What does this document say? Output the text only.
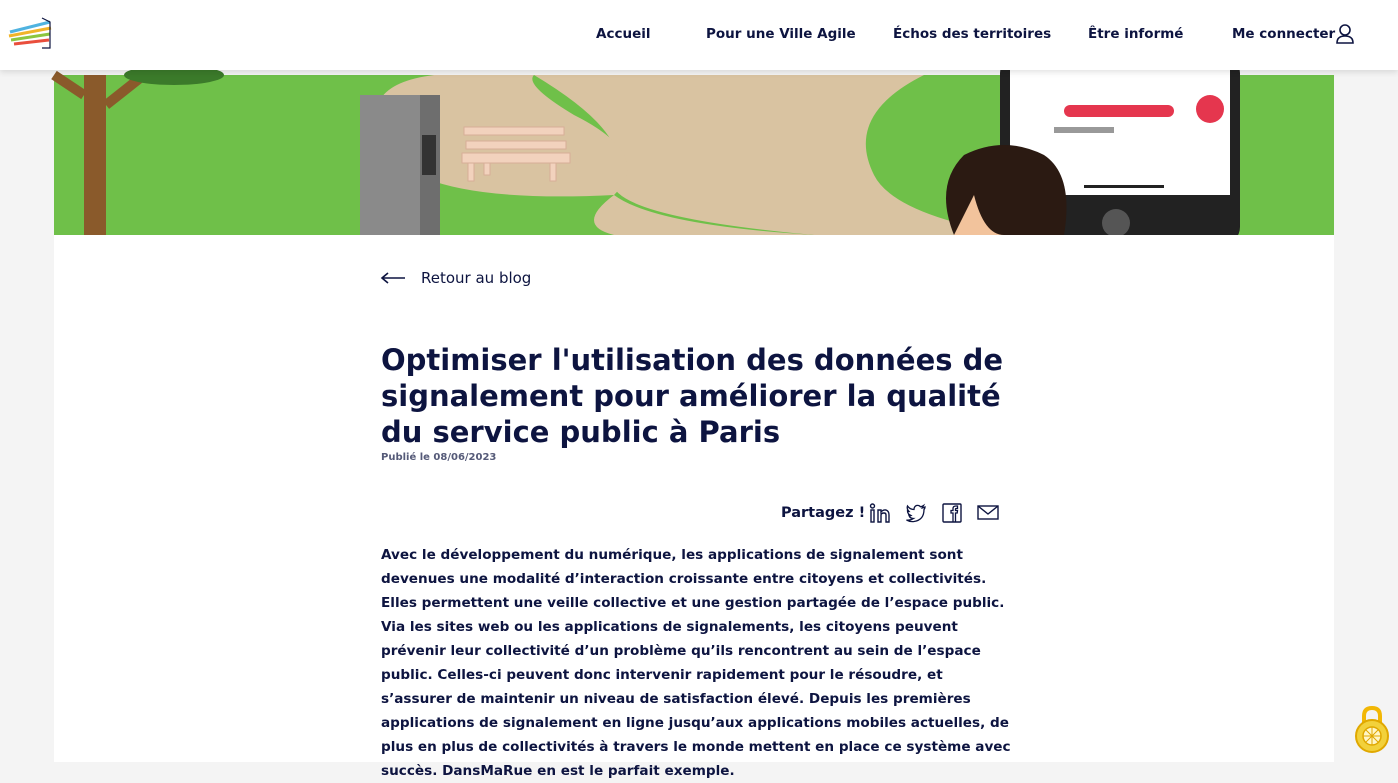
Accueil	Pour une Ville Agile	Échos des territoires	Être informé	Me connecter
Retour au blog
Optimiser l'utilisation des données de signalement pour améliorer la qualité du service public à Paris
Publié le 08/06/2023
Partagez !

Avec le développement du numérique, les applications de signalement sont devenues une modalité d’interaction croissante entre citoyens et collectivités. Elles permettent une veille collective et une gestion partagée de l’espace public. Via les sites web ou les applications de signalements, les citoyens peuvent prévenir leur collectivité d’un problème qu’ils rencontrent au sein de l’espace public. Celles-ci peuvent donc intervenir rapidement pour le résoudre, et s’assurer de maintenir un niveau de satisfaction élevé. Depuis les premières applications de signalement en ligne jusqu’aux applications mobiles actuelles, de plus en plus de collectivités à travers le monde mettent en place ce système avec succès. DansMaRue en est le parfait exemple.
